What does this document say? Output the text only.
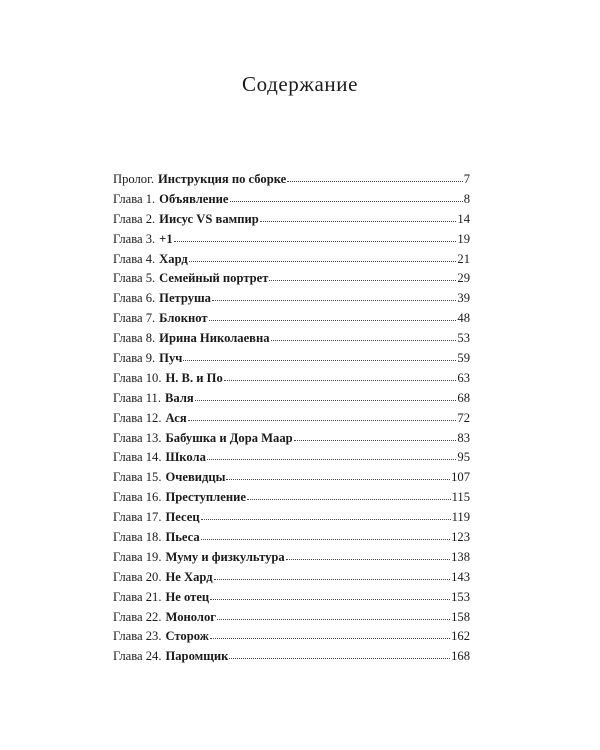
Содержание
Пролог. Инструкция по сборке	7
Глава 1. Объявление	8
Глава 2. Иисус VS вампир	14
Глава 3. +1	19
Глава 4. Хард	21
Глава 5. Семейный портрет	29
Глава 6. Петруша	39
Глава 7. Блокнот	48
Глава 8. Ирина Николаевна	53
Глава 9. Пуч	59
Глава 10. Н. В. и По	63
Глава 11. Валя	68
Глава 12. Ася	72
Глава 13. Бабушка и Дора Маар	83
Глава 14. Школа	95
Глава 15. Очевидцы	107
Глава 16. Преступление	115
Глава 17. Песец	119
Глава 18. Пьеса	123
Глава 19. Муму и физкультура	138
Глава 20. Не Хард	143
Глава 21. Не отец	153
Глава 22. Монолог	158
Глава 23. Сторож	162
Глава 24. Паромщик	168
